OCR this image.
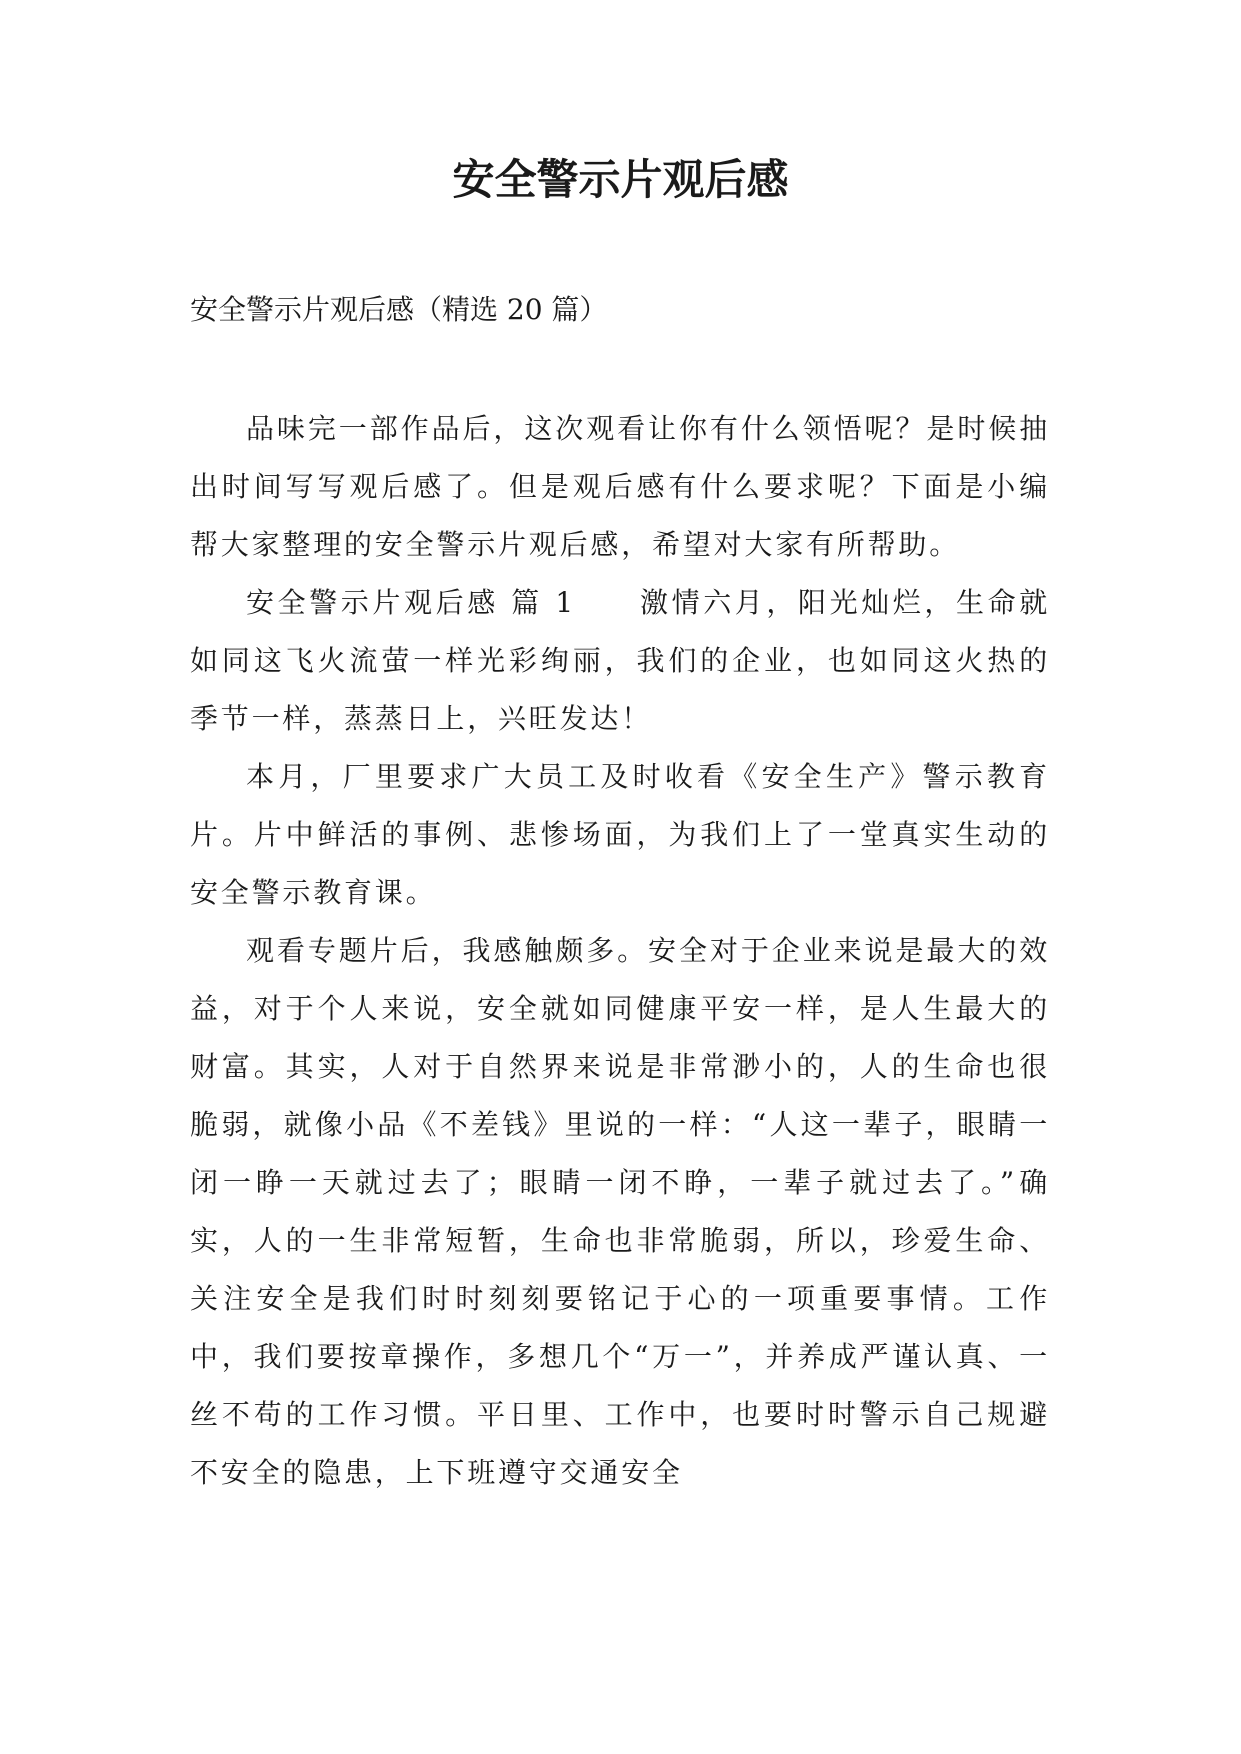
安全警示片观后感
安全警示片观后感（精选 20 篇）

品味完一部作品后，这次观看让你有什么领悟呢？是时候抽出时间写写观后感了。但是观后感有什么要求呢？下面是小编帮大家整理的安全警示片观后感，希望对大家有所帮助。

安全警示片观后感 篇 1　　激情六月，阳光灿烂，生命就如同这飞火流萤一样光彩绚丽，我们的企业，也如同这火热的季节一样，蒸蒸日上，兴旺发达！

本月，厂里要求广大员工及时收看《安全生产》警示教育片。片中鲜活的事例、悲惨场面，为我们上了一堂真实生动的安全警示教育课。

观看专题片后，我感触颇多。安全对于企业来说是最大的效益，对于个人来说，安全就如同健康平安一样，是人生最大的财富。其实，人对于自然界来说是非常渺小的，人的生命也很脆弱，就像小品《不差钱》里说的一样：“人这一辈子，眼睛一闭一睁一天就过去了；眼睛一闭不睁，一辈子就过去了。”确实，人的一生非常短暂，生命也非常脆弱，所以，珍爱生命、关注安全是我们时时刻刻要铭记于心的一项重要事情。工作中，我们要按章操作，多想几个“万一”，并养成严谨认真、一丝不苟的工作习惯。平日里、工作中，也要时时警示自己规避不安全的隐患，上下班遵守交通安全
